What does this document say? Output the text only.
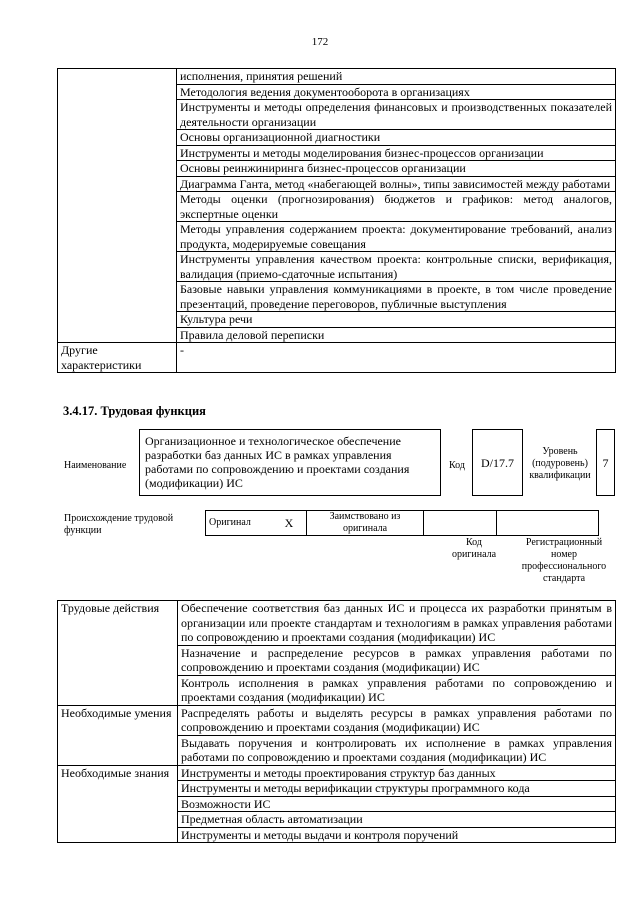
172
	исполнения, принятия решений
	Методология ведения документооборота в организациях
	Инструменты и методы определения финансовых и производственных показателей деятельности организации
	Основы организационной диагностики
	Инструменты и методы моделирования бизнес-процессов организации
	Основы реинжиниринга бизнес-процессов организации
	Диаграмма Ганта, метод «набегающей волны», типы зависимостей между работами
	Методы оценки (прогнозирования) бюджетов и графиков: метод аналогов, экспертные оценки
	Методы управления содержанием проекта: документирование требований, анализ продукта, модерируемые совещания
	Инструменты управления качеством проекта: контрольные списки, верификация, валидация (приемо-сдаточные испытания)
	Базовые навыки управления коммуникациями в проекте, в том числе проведение презентаций, проведение переговоров, публичные выступления
	Культура речи
	Правила деловой переписки
Другие характеристики	-
3.4.17. Трудовая функция
Наименование
Организационное и технологическое обеспечение разработки баз данных ИС в рамках управления работами по сопровождению и проектами создания (модификации) ИС
Код	D/17.7
Уровень (подуровень) квалификации
7
Происхождение трудовой функции
Оригинал	X	Заимствовано из оригинала		
Код оригинала
Регистрационный номер профессионального стандарта
Трудовые действия	Обеспечение соответствия баз данных ИС и процесса их разработки принятым в организации или проекте стандартам и технологиям в рамках управления работами по сопровождению и проектами создания (модификации) ИС
	Назначение и распределение ресурсов в рамках управления работами по сопровождению и проектами создания (модификации) ИС
	Контроль исполнения в рамках управления работами по сопровождению и проектами создания (модификации) ИС
Необходимые умения	Распределять работы и выделять ресурсы в рамках управления работами по сопровождению и проектами создания (модификации) ИС
	Выдавать поручения и контролировать их исполнение в рамках управления работами по сопровождению и проектами создания (модификации) ИС
Необходимые знания	Инструменты и методы проектирования структур баз данных
	Инструменты и методы верификации структуры программного кода
	Возможности ИС
	Предметная область автоматизации
	Инструменты и методы выдачи и контроля поручений
